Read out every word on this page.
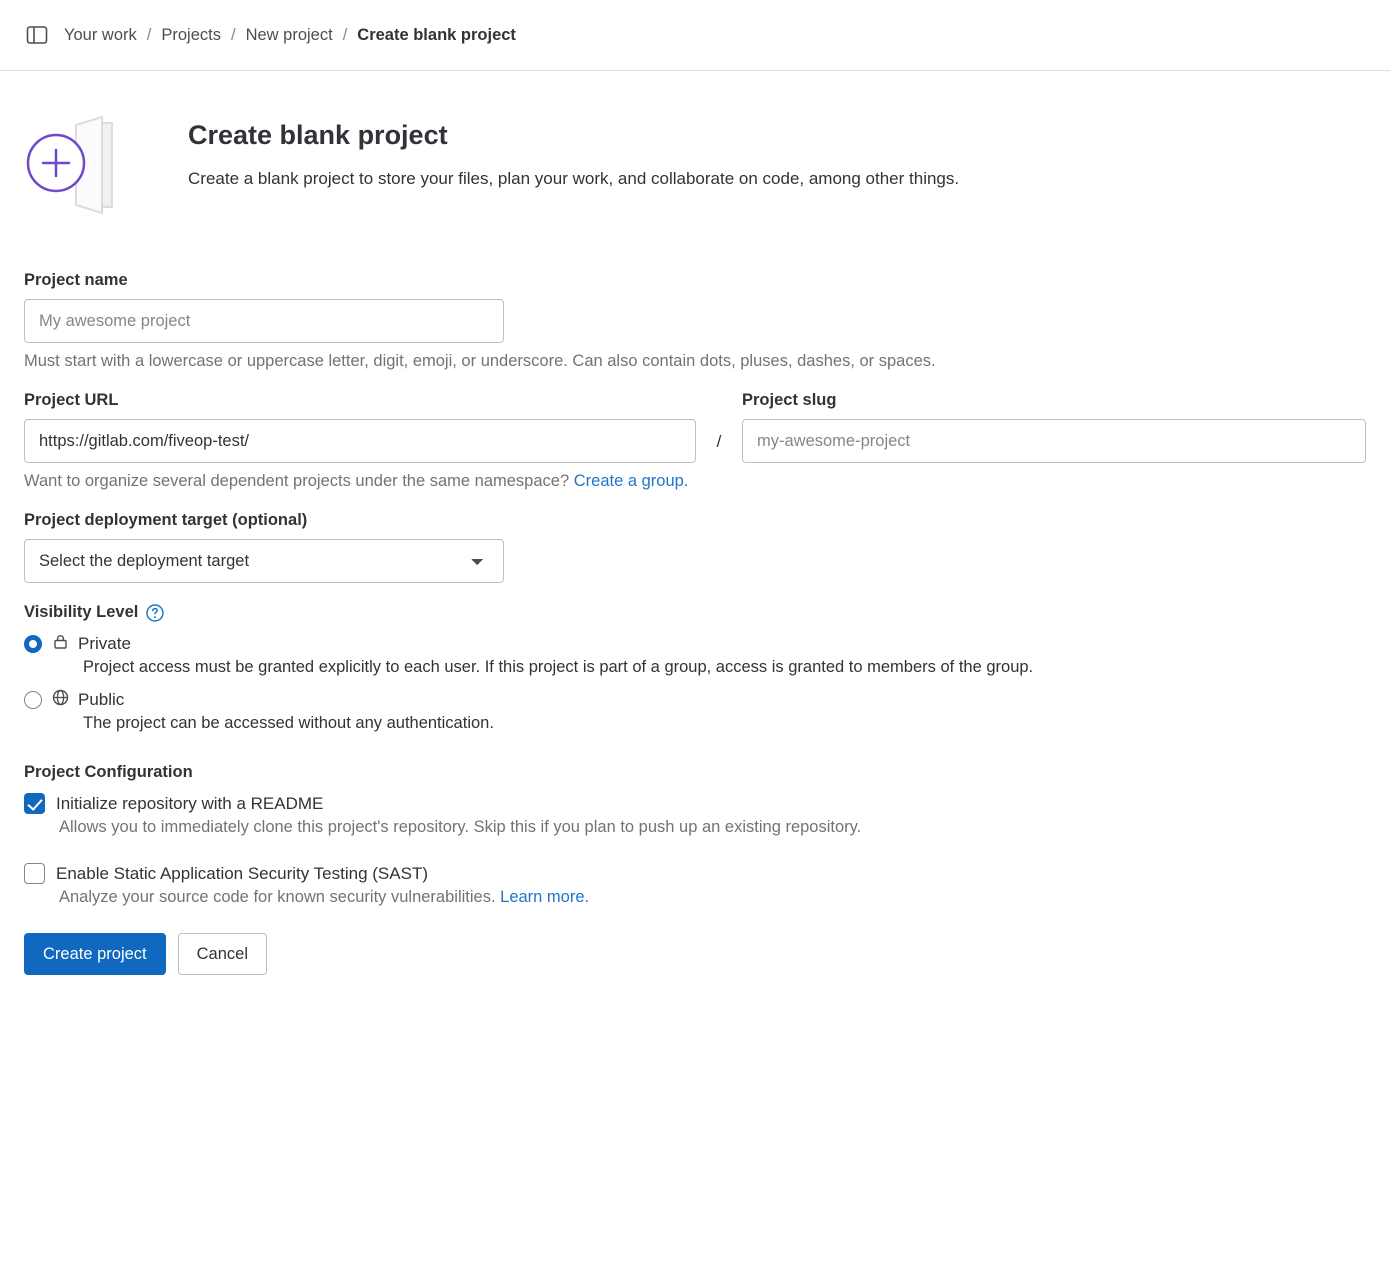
Your work / Projects / New project / Create blank project
Create blank project

Create a blank project to store your files, plan your work, and collaborate on code, among other things.

Project name
My awesome project

Must start with a lowercase or uppercase letter, digit, emoji, or underscore. Can also contain dots, pluses, dashes, or spaces.

Project URL
https://gitlab.com/fiveop-test/
/
Project slug
my-awesome-project

Want to organize several dependent projects under the same namespace? Create a group.

Project deployment target (optional)
Select the deployment target
Visibility Level
Private
Project access must be granted explicitly to each user. If this project is part of a group, access is granted to members of the group.
Public
The project can be accessed without any authentication.
Project Configuration
Initialize repository with a README
Allows you to immediately clone this project's repository. Skip this if you plan to push up an existing repository.
Enable Static Application Security Testing (SAST)
Analyze your source code for known security vulnerabilities. Learn more.
Create project	Cancel
